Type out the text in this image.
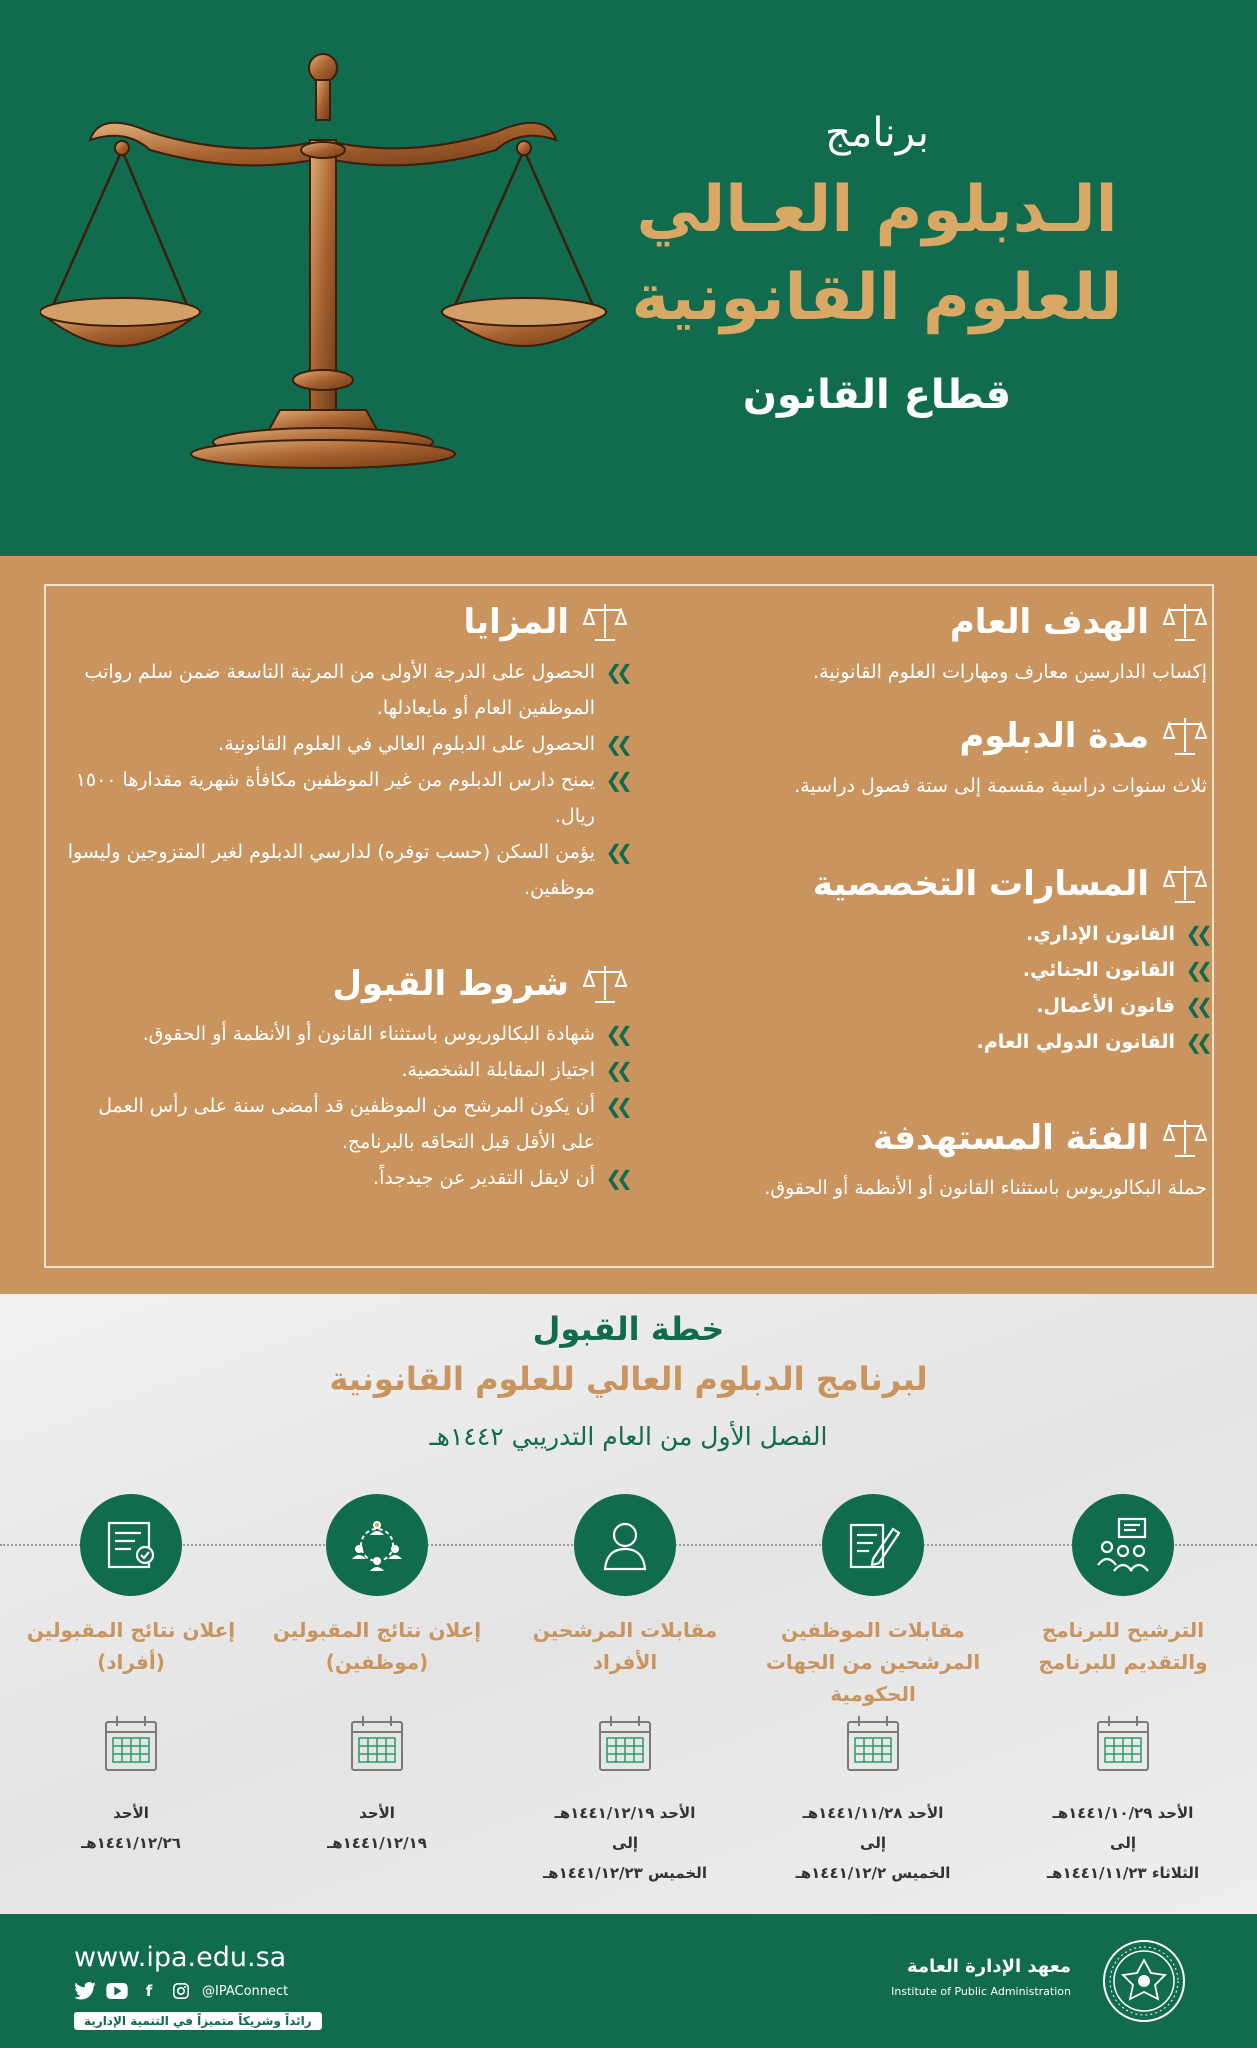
برنامج
الـدبلوم العـالي
للعلوم القانونية
قطاع القانون
الهدف العام
إكساب الدارسين معارف ومهارات العلوم القانونية.
مدة الدبلوم
ثلاث سنوات دراسية مقسمة إلى ستة فصول دراسية.
المسارات التخصصية
❯❯
القانون الإداري.
❯❯
القانون الجنائي.
❯❯
قانون الأعمال.
❯❯
القانون الدولي العام.
الفئة المستهدفة
حملة البكالوريوس باستثناء القانون أو الأنظمة أو الحقوق.
المزايا
❯❯
الحصول على الدرجة الأولى من المرتبة التاسعة ضمن سلم رواتب الموظفين العام أو مايعادلها.
❯❯
الحصول على الدبلوم العالي في العلوم القانونية.
❯❯
يمنح دارس الدبلوم من غير الموظفين مكافأة شهرية مقدارها ١٥٠٠ ريال.
❯❯
يؤمن السكن (حسب توفره) لدارسي الدبلوم لغير المتزوجين وليسوا موظفين.
شروط القبول
❯❯
شهادة البكالوريوس باستثناء القانون أو الأنظمة أو الحقوق.
❯❯
اجتياز المقابلة الشخصية.
❯❯
أن يكون المرشح من الموظفين قد أمضى سنة على رأس العمل على الأقل قبل التحاقه بالبرنامج.
❯❯
أن لايقل التقدير عن جيدجداً.
خطة القبول
لبرنامج الدبلوم العالي للعلوم القانونية
الفصل الأول من العام التدريبي ١٤٤٢هـ
الترشيح للبرنامج والتقديم للبرنامج
الأحد ١٤٤١/١٠/٢٩هـ
إلى
الثلاثاء ١٤٤١/١١/٢٣هـ
مقابلات الموظفين المرشحين من الجهات الحكومية
الأحد ١٤٤١/١١/٢٨هـ
إلى
الخميس ١٤٤١/١٢/٢هـ
مقابلات المرشحين الأفراد
الأحد ١٤٤١/١٢/١٩هـ
إلى
الخميس ١٤٤١/١٢/٢٣هـ
إعلان نتائج المقبولين (موظفين)
الأحد
١٤٤١/١٢/١٩هـ
إعلان نتائج المقبولين (أفراد)
الأحد
١٤٤١/١٢/٢٦هـ
www.ipa.edu.sa
f	@IPAConnect
رائداً وشريكاً متميزاً في التنمية الإدارية
معهد الإدارة العامة
Institute of Public Administration
